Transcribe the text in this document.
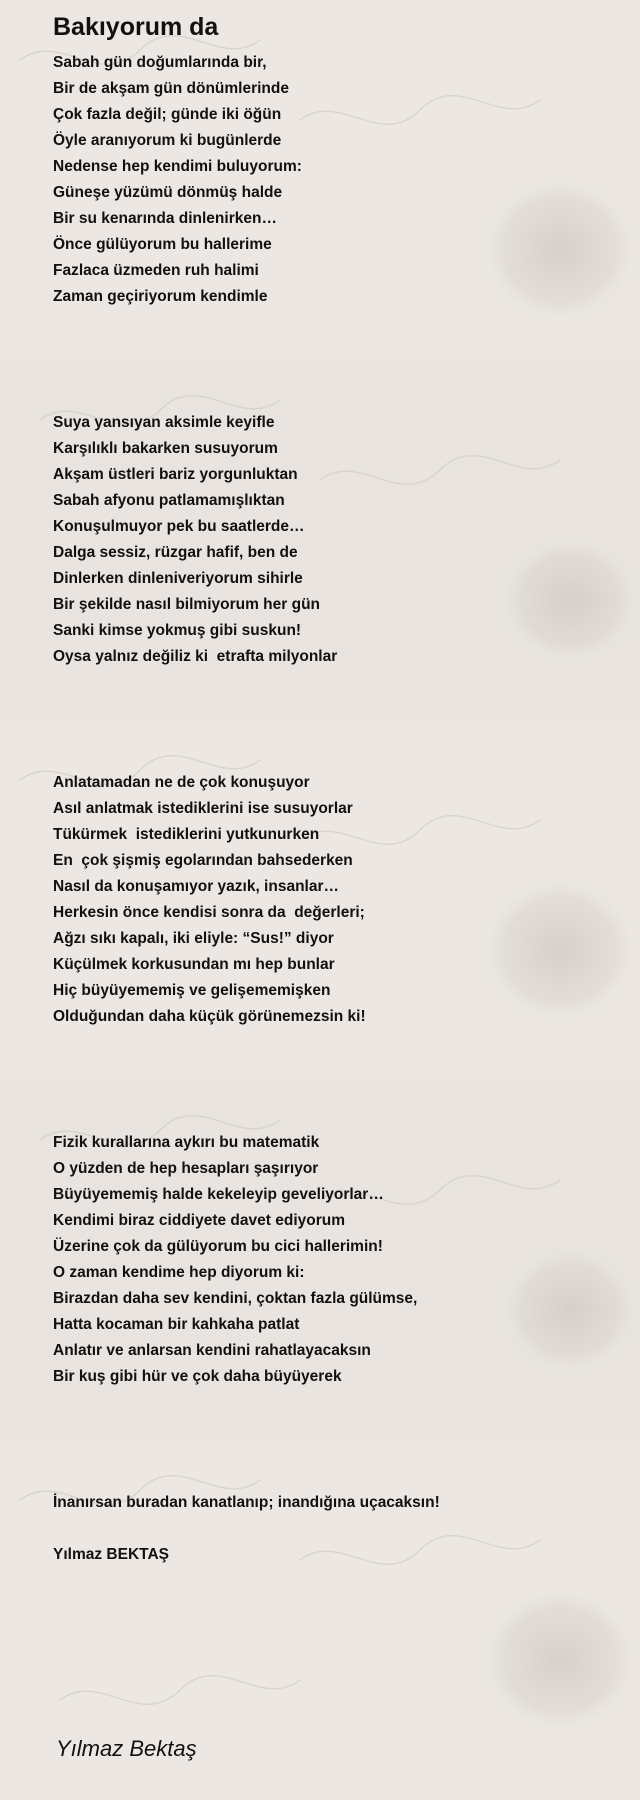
Bakıyorum da
Sabah gün doğumlarında bir,
Bir de akşam gün dönümlerinde
Çok fazla değil; günde iki öğün
Öyle aranıyorum ki bugünlerde
Nedense hep kendimi buluyorum:
Güneşe yüzümü dönmüş halde
Bir su kenarında dinlenirken…
Önce gülüyorum bu hallerime
Fazlaca üzmeden ruh halimi
Zaman geçiriyorum kendimle
Suya yansıyan aksimle keyifle
Karşılıklı bakarken susuyorum
Akşam üstleri bariz yorgunluktan
Sabah afyonu patlamamışlıktan
Konuşulmuyor pek bu saatlerde…
Dalga sessiz, rüzgar hafif, ben de
Dinlerken dinleniveriyorum sihirle
Bir şekilde nasıl bilmiyorum her gün
Sanki kimse yokmuş gibi suskun!
Oysa yalnız değiliz ki  etrafta milyonlar
Anlatamadan ne de çok konuşuyor
Asıl anlatmak istediklerini ise susuyorlar
Tükürmek  istediklerini yutkunurken
En  çok şişmiş egolarından bahsederken
Nasıl da konuşamıyor yazık, insanlar…
Herkesin önce kendisi sonra da  değerleri;
Ağzı sıkı kapalı, iki eliyle: “Sus!” diyor
Küçülmek korkusundan mı hep bunlar
Hiç büyüyememiş ve gelişememişken
Olduğundan daha küçük görünemezsin ki!
Fizik kurallarına aykırı bu matematik
O yüzden de hep hesapları şaşırıyor
Büyüyememiş halde kekeleyip geveliyorlar…
Kendimi biraz ciddiyete davet ediyorum
Üzerine çok da gülüyorum bu cici hallerimin!
O zaman kendime hep diyorum ki:
Birazdan daha sev kendini, çoktan fazla gülümse,
Hatta kocaman bir kahkaha patlat
Anlatır ve anlarsan kendini rahatlayacaksın
Bir kuş gibi hür ve çok daha büyüyerek
İnanırsan buradan kanatlanıp; inandığına uçacaksın!
Yılmaz BEKTAŞ
Yılmaz Bektaş
